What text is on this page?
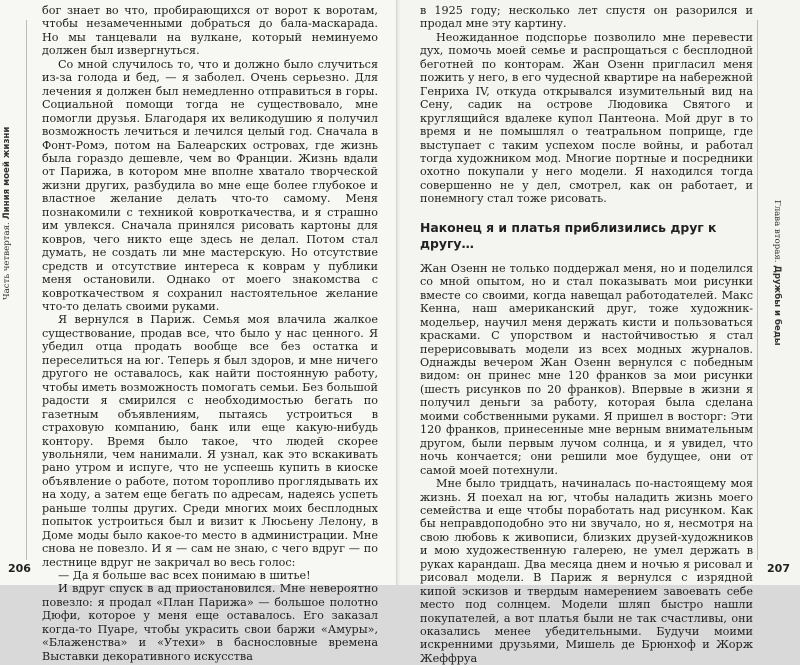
Часть четвертая. Линия моей жизни

бог знает во что, пробирающихся от ворот к воротам, чтобы незамеченными добраться до бала-маскарада. Но мы танцевали на вулкане, который неминуемо должен был извергнуться.

Со мной случилось то, что и должно было случиться из-за голода и бед, — я заболел. Очень серьезно. Для лечения я должен был немедленно отправиться в горы. Социальной помощи тогда не существовало, мне помогли друзья. Благодаря их великодушию я получил возможность лечиться и лечился целый год. Сначала в Фонт-Ромэ, потом на Балеарских островах, где жизнь была гораздо дешевле, чем во Франции. Жизнь вдали от Парижа, в котором мне вполне хватало творческой жизни других, разбудила во мне еще более глубокое и властное желание делать что-то самому. Меня познакомили с техникой ковроткачества, и я страшно им увлекся. Сначала принялся рисовать картоны для ковров, чего никто еще здесь не делал. Потом стал думать, не создать ли мне мастерскую. Но отсутствие средств и отсутствие интереса к коврам у публики меня остановили. Однако от моего знакомства с ковроткачеством я сохранил настоятельное желание что-то делать своими руками.

Я вернулся в Париж. Семья моя влачила жалкое существование, продав все, что было у нас ценного. Я убедил отца продать вообще все без остатка и переселиться на юг. Теперь я был здоров, и мне ничего другого не оставалось, как найти постоянную работу, чтобы иметь возможность помогать семьи. Без большой радости я смирился с необходимостью бегать по газетным объявлениям, пытаясь устроиться в страховую компанию, банк или еще какую-нибудь контору. Время было такое, что людей скорее увольняли, чем нанимали. Я узнал, как это вскакивать рано утром и испуге, что не успеешь купить в киоске объявление о работе, потом торопливо проглядывать их на ходу, а затем еще бегать по адресам, надеясь успеть раньше толпы других. Среди многих моих бесплодных попыток устроиться был и визит к Люсьену Лелону, в Доме моды было какое-то место в администрации. Мне снова не повезло. И я — сам не знаю, с чего вдруг — по лестнице вдруг не закричал во весь голос:

— Да я больше вас всех понимаю в шитье!

И вдруг спуск в ад приостановился. Мне невероятно повезло: я продал «План Парижа» — большое полотно Дюфи, которое у меня еще оставалось. Его заказал когда-то Пуаре, чтобы украсить свои баржи «Амуры», «Блаженства» и «Утехи» в баснословные времена Выставки декоративного искусства

206

в 1925 году; несколько лет спустя он разорился и продал мне эту картину.

Неожиданное подспорье позволило мне перевести дух, помочь моей семье и распрощаться с бесплодной беготней по конторам. Жан Озенн пригласил меня пожить у него, в его чудесной квартире на набережной Генриха IV, откуда открывался изумительный вид на Сену, садик на острове Людовика Святого и круглящийся вдалеке купол Пантеона. Мой друг в то время и не помышлял о театральном поприще, где выступает с таким успехом после войны, и работал тогда художником мод. Многие портные и посредники охотно покупали у него модели. Я находился тогда совершенно не у дел, смотрел, как он работает, и понемногу стал тоже рисовать.

Наконец я и платья приблизились друг к другу…

Жан Озенн не только поддержал меня, но и поделился со мной опытом, но и стал показывать мои рисунки вместе со своими, когда навещал работодателей. Макс Кенна, наш американский друг, тоже художник-модельер, научил меня держать кисти и пользоваться красками. С упорством и настойчивостью я стал перерисовывать модели из всех модных журналов. Однажды вечером Жан Озенн вернулся с победным видом: он принес мне 120 франков за мои рисунки (шесть рисунков по 20 франков). Впервые в жизни я получил деньги за работу, которая была сделана моими собственными руками. Я пришел в восторг: Эти 120 франков, принесенные мне верным внимательным другом, были первым лучом солнца, и я увидел, что ночь кончается; они решили мое будущее, они от самой моей потехнули.

Мне было тридцать, начиналась по-настоящему моя жизнь. Я поехал на юг, чтобы наладить жизнь моего семейства и еще чтобы поработать над рисунком. Как бы неправдоподобно это ни звучало, но я, несмотря на свою любовь к живописи, близких друзей-художников и мою художественную галерею, не умел держать в руках карандаш. Два месяца днем и ночью я рисовал и рисовал модели. В Париж я вернулся с изрядной кипой эскизов и твердым намерением завоевать себе место под солнцем. Модели шляп быстро нашли покупателей, а вот платья были не так счастливы, они оказались менее убедительными. Будучи моими искренними друзьями, Мишель де Брюнхоф и Жорж Жеффруа

207
Глава вторая. Дружбы и беды
